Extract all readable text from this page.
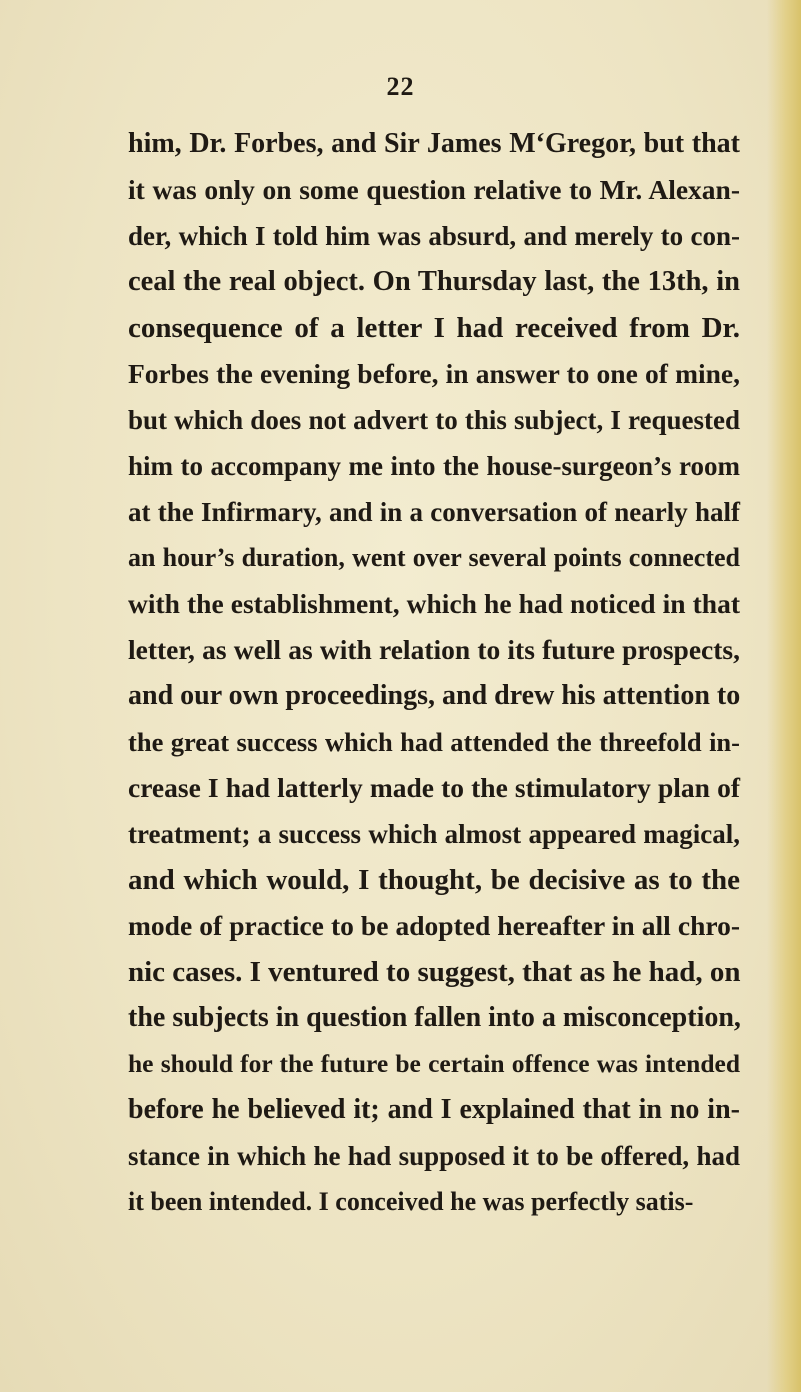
22
him, Dr. Forbes, and Sir James M‘Gregor, but that
it was only on some question relative to Mr. Alexan-
der, which I told him was absurd, and merely to con-
ceal the real object. On Thursday last, the 13th, in
consequence of a letter I had received from Dr.
Forbes the evening before, in answer to one of mine,
but which does not advert to this subject, I requested
him to accompany me into the house-surgeon’s room
at the Infirmary, and in a conversation of nearly half
an hour’s duration, went over several points connected
with the establishment, which he had noticed in that
letter, as well as with relation to its future prospects,
and our own proceedings, and drew his attention to
the great success which had attended the threefold in-
crease I had latterly made to the stimulatory plan of
treatment; a success which almost appeared magical,
and which would, I thought, be decisive as to the
mode of practice to be adopted hereafter in all chro-
nic cases. I ventured to suggest, that as he had, on
the subjects in question fallen into a misconception,
he should for the future be certain offence was intended
before he believed it; and I explained that in no in-
stance in which he had supposed it to be offered, had
it been intended. I conceived he was perfectly satis-
